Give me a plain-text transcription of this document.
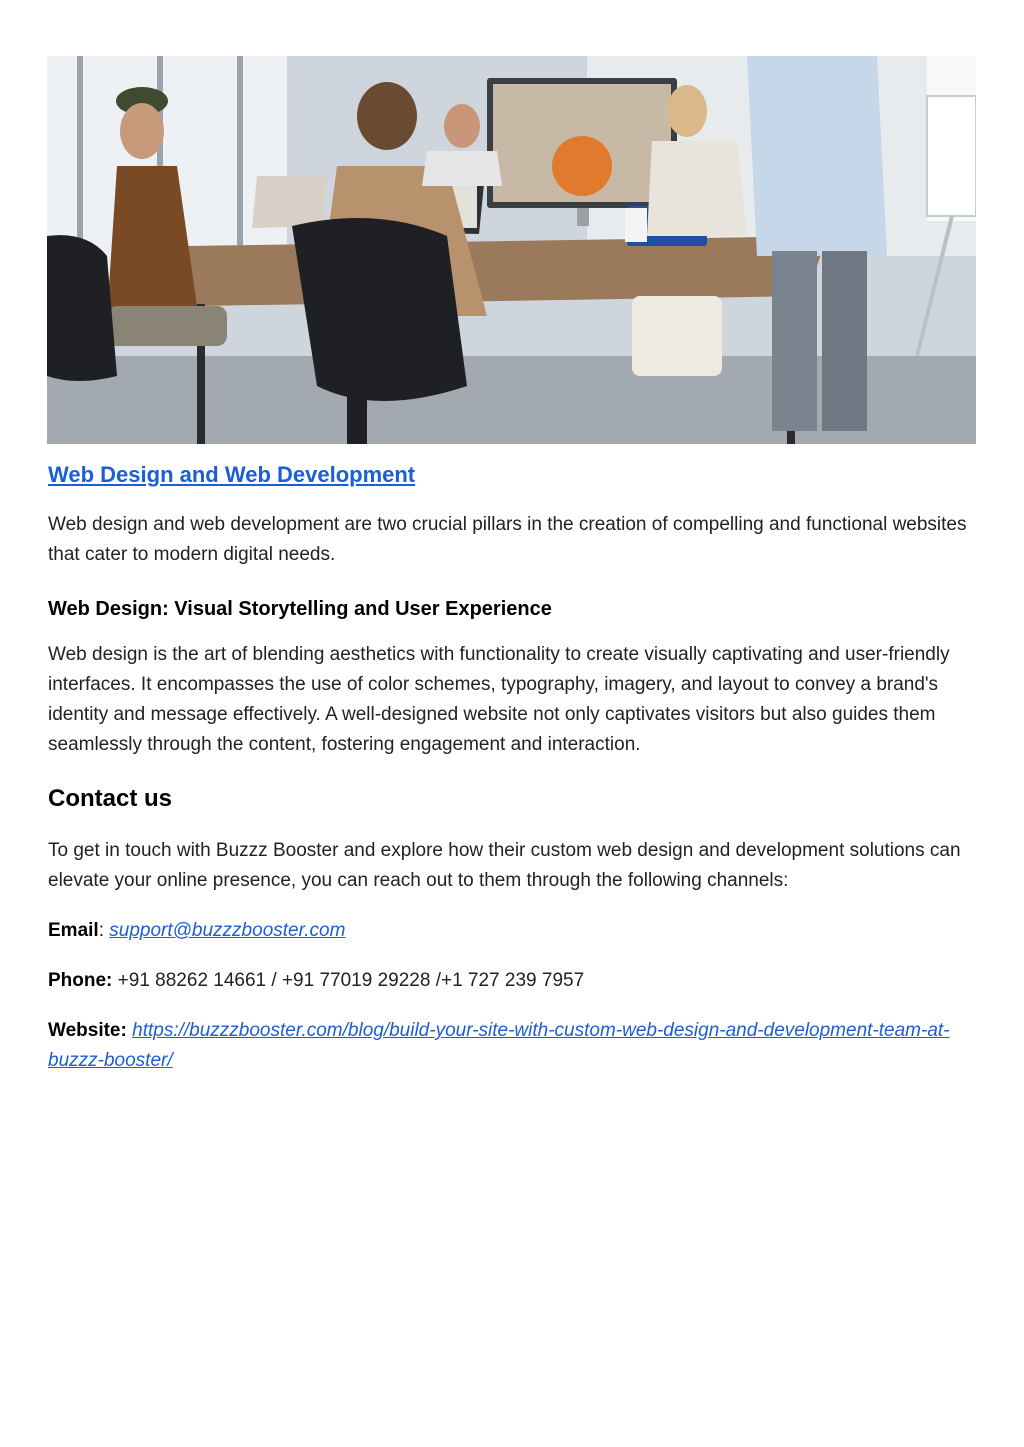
Web Design and Web Development

Web design and web development are two crucial pillars in the creation of compelling and functional websites that cater to modern digital needs.

Web Design: Visual Storytelling and User Experience

Web design is the art of blending aesthetics with functionality to create visually captivating and user-friendly interfaces. It encompasses the use of color schemes, typography, imagery, and layout to convey a brand's identity and message effectively. A well-designed website not only captivates visitors but also guides them seamlessly through the content, fostering engagement and interaction.

Contact us

To get in touch with Buzzz Booster and explore how their custom web design and development solutions can elevate your online presence, you can reach out to them through the following channels:

Email: support@buzzzbooster.com
Phone: +91 88262 14661 / +91 77019 29228 /+1 727 239 7957
Website: https://buzzzbooster.com/blog/build-your-site-with-custom-web-design-and-development-team-at-buzzz-booster/
